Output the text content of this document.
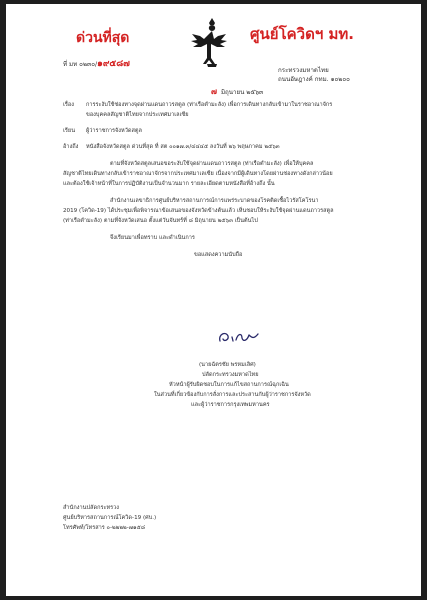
ด่วนที่สุด	ศูนย์โควิดฯ มท.
ที่ มท ๐๒๓๐/๑๙๕๘๗
กระทรวงมหาดไทย
ถนนอัษฎางค์ กทม. ๑๐๒๐๐
๗ มิถุนายน ๒๕๖๓
เรื่อง การระงับใช้ช่องทางจุดผ่านแดนถาวรสตูล (ท่าเรือตำมะลัง) เพื่อการเดินทางกลับเข้ามาในราชอาณาจักร
ของบุคคลสัญชาติไทยจากประเทศมาเลเซีย
เรียน ผู้ว่าราชการจังหวัดสตูล
อ้างถึง หนังสือจังหวัดสตูล ด่วนที่สุด ที่ สต ๐๐๑๗.๓/๔๔๔๕ ลงวันที่ ๒๖ พฤษภาคม ๒๕๖๓
ตามที่จังหวัดสตูลเสนอขอระงับใช้จุดผ่านแดนถาวรสตูล (ท่าเรือตำมะลัง) เพื่อให้บุคคล
สัญชาติไทยเดินทางกลับเข้าราชอาณาจักรจากประเทศมาเลเซีย เนื่องจากมีผู้เดินทางโดยผ่านช่องทางดังกล่าวน้อย
และต้องใช้เจ้าหน้าที่ในการปฏิบัติงานเป็นจำนวนมาก รายละเอียดตามหนังสือที่อ้างถึง นั้น
สำนักงานเลขาธิการศูนย์บริหารสถานการณ์การแพร่ระบาดของโรคติดเชื้อไวรัสโคโรนา
2019 (โควิด-19) ได้ประชุมเพื่อพิจารณาข้อเสนอของจังหวัดข้างต้นแล้ว เห็นชอบให้ระงับใช้จุดผ่านแดนถาวรสตูล
(ท่าเรือตำมะลัง) ตามที่จังหวัดเสนอ ตั้งแต่วันจันทร์ที่ ๘ มิถุนายน ๒๕๖๓ เป็นต้นไป
จึงเรียนมาเพื่อทราบ และดำเนินการ
ขอแสดงความนับถือ
(นายฉัตรชัย พรหมเลิศ)
ปลัดกระทรวงมหาดไทย
หัวหน้าผู้รับผิดชอบในการแก้ไขสถานการณ์ฉุกเฉิน
ในส่วนที่เกี่ยวข้องกับการสั่งการและประสานกับผู้ว่าราชการจังหวัด
และผู้ว่าราชการกรุงเทพมหานคร
สำนักงานปลัดกระทรวง
ศูนย์บริหารสถานการณ์โควิด-19 (ศบ.)
โทรศัพท์/โทรสาร ๐-๒๒๒๒-๗๑๕๘
